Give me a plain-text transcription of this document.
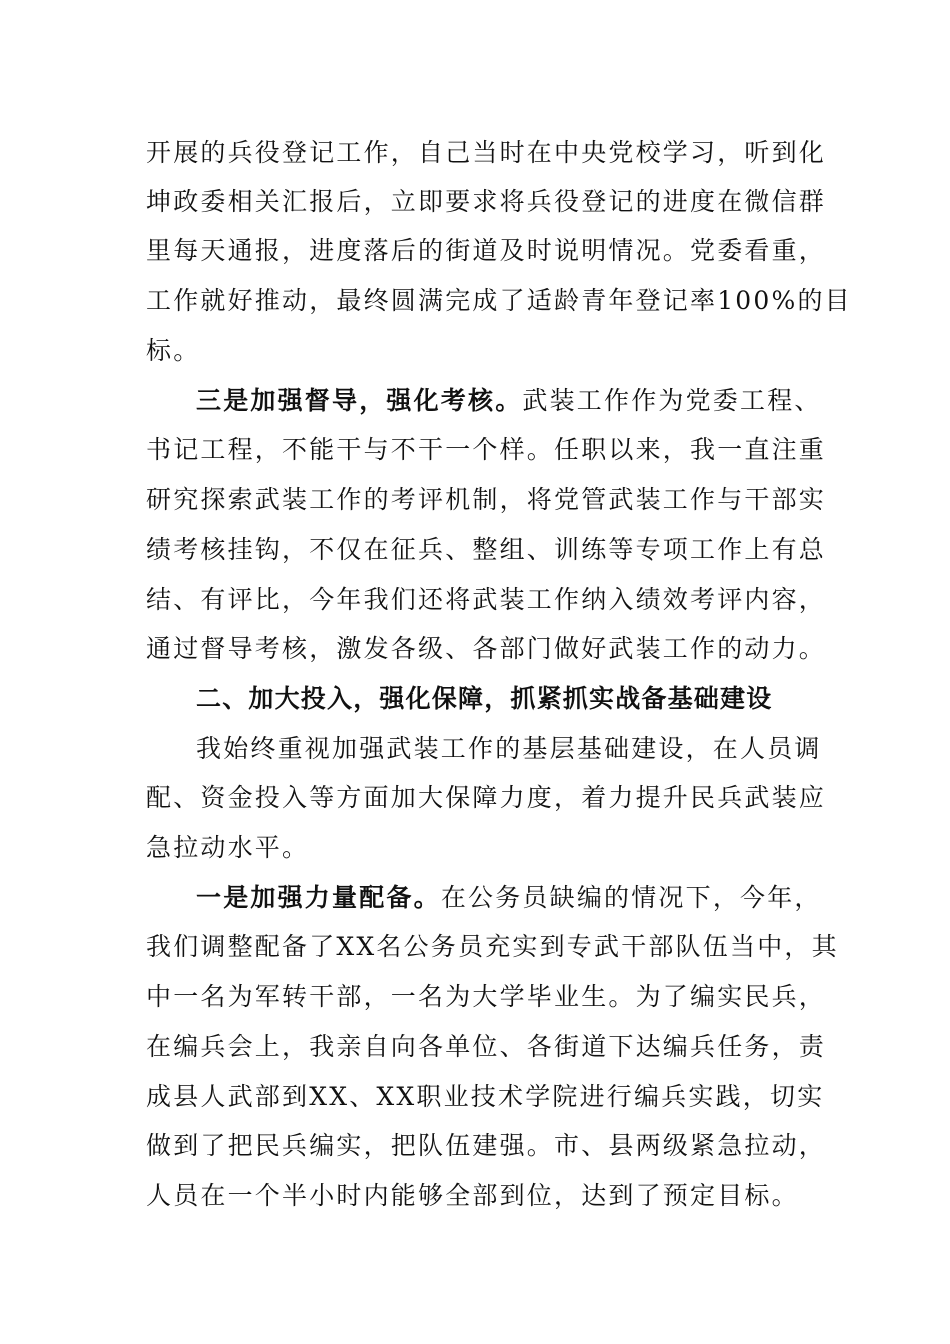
开展的兵役登记工作，自己当时在中央党校学习，听到化
坤政委相关汇报后，立即要求将兵役登记的进度在微信群
里每天通报，进度落后的街道及时说明情况。党委看重，
工作就好推动，最终圆满完成了适龄青年登记率100%的目
标。
三是加强督导，强化考核。武装工作作为党委工程、
书记工程，不能干与不干一个样。任职以来，我一直注重
研究探索武装工作的考评机制，将党管武装工作与干部实
绩考核挂钩，不仅在征兵、整组、训练等专项工作上有总
结、有评比，今年我们还将武装工作纳入绩效考评内容，
通过督导考核，激发各级、各部门做好武装工作的动力。
二、加大投入，强化保障，抓紧抓实战备基础建设
我始终重视加强武装工作的基层基础建设，在人员调
配、资金投入等方面加大保障力度，着力提升民兵武装应
急拉动水平。
一是加强力量配备。在公务员缺编的情况下，今年，
我们调整配备了XX名公务员充实到专武干部队伍当中，其
中一名为军转干部，一名为大学毕业生。为了编实民兵，
在编兵会上，我亲自向各单位、各街道下达编兵任务，责
成县人武部到XX、XX职业技术学院进行编兵实践，切实
做到了把民兵编实，把队伍建强。市、县两级紧急拉动，
人员在一个半小时内能够全部到位，达到了预定目标。
